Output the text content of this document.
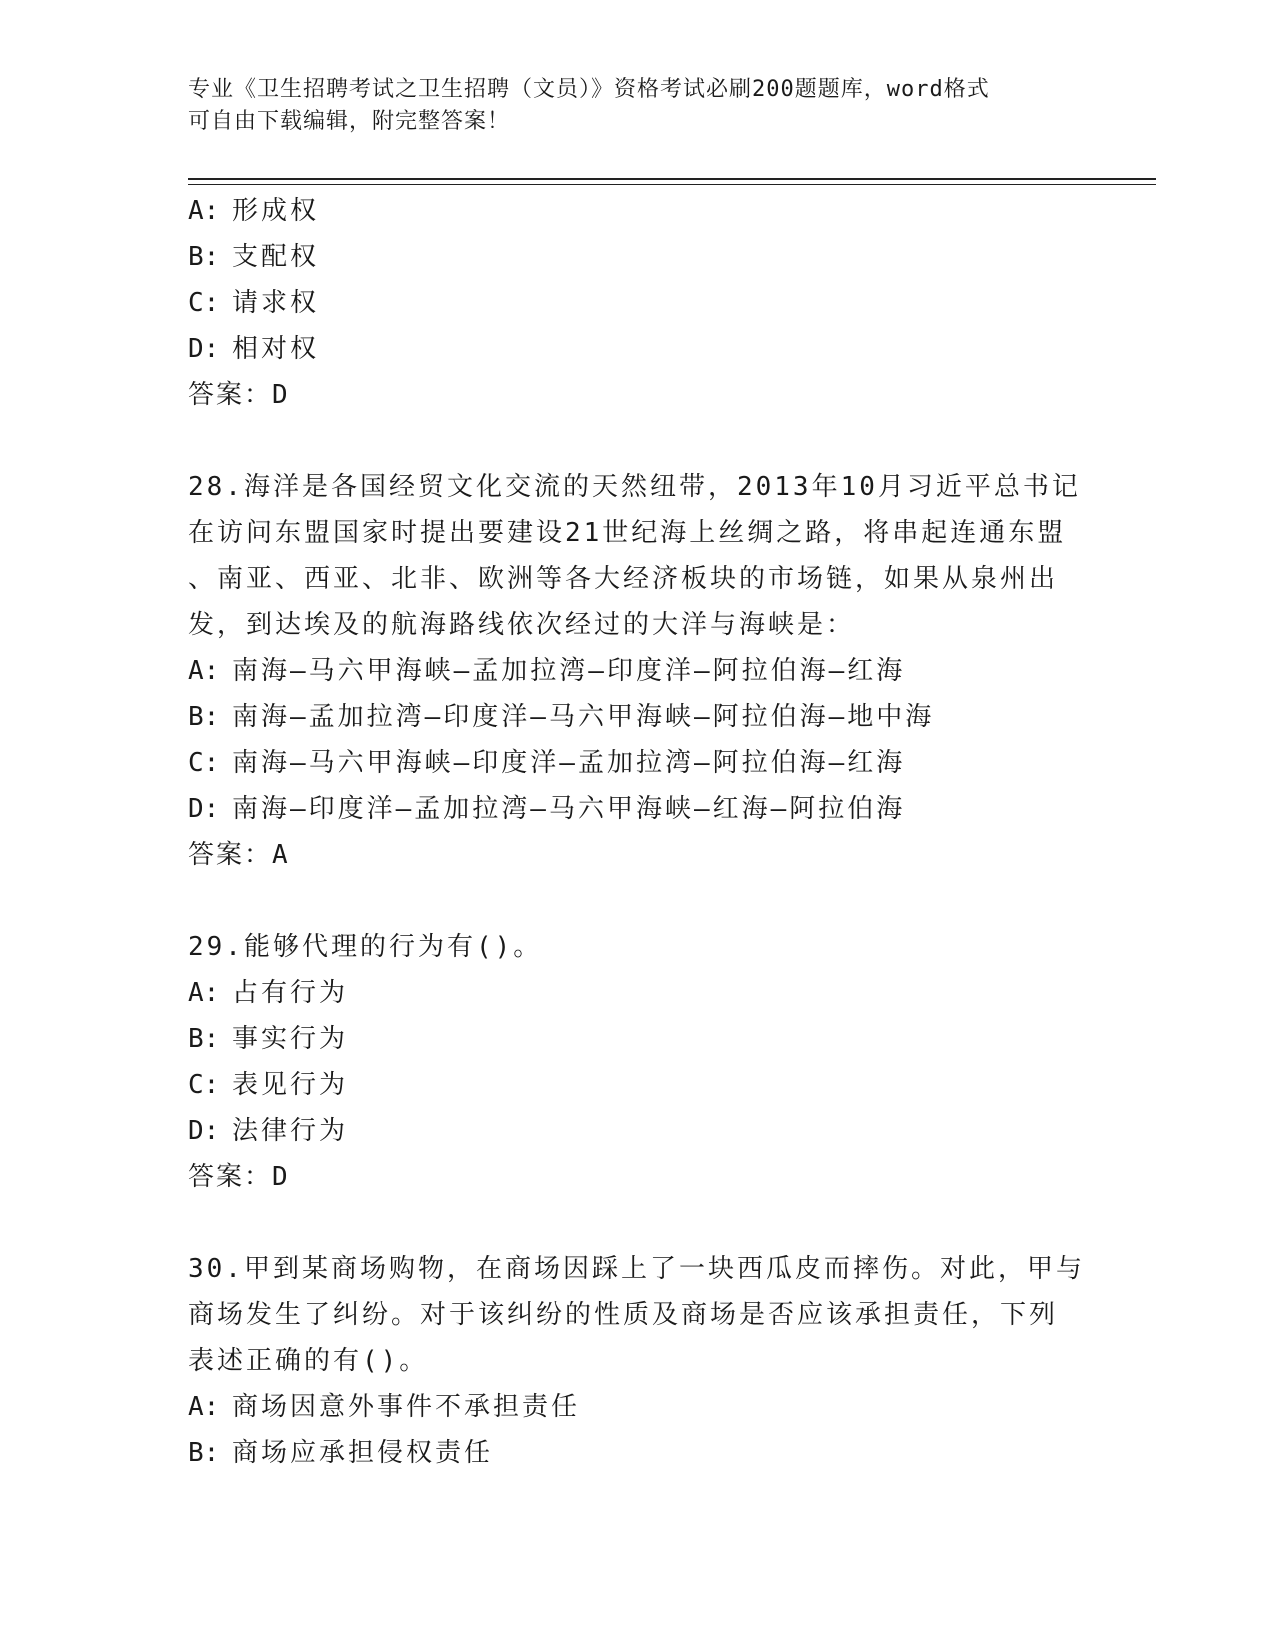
专业《卫生招聘考试之卫生招聘（文员）》资格考试必刷200题题库，word格式
可自由下载编辑，附完整答案！
A: 形成权
B: 支配权
C: 请求权
D: 相对权
答案：D
28.海洋是各国经贸文化交流的天然纽带，2013年10月习近平总书记
在访问东盟国家时提出要建设21世纪海上丝绸之路，将串起连通东盟
、南亚、西亚、北非、欧洲等各大经济板块的市场链，如果从泉州出
发，到达埃及的航海路线依次经过的大洋与海峡是：
A: 南海—马六甲海峡—孟加拉湾—印度洋—阿拉伯海—红海
B: 南海—孟加拉湾—印度洋—马六甲海峡—阿拉伯海—地中海
C: 南海—马六甲海峡—印度洋—孟加拉湾—阿拉伯海—红海
D: 南海—印度洋—孟加拉湾—马六甲海峡—红海—阿拉伯海
答案：A
29.能够代理的行为有()。
A: 占有行为
B: 事实行为
C: 表见行为
D: 法律行为
答案：D
30.甲到某商场购物，在商场因踩上了一块西瓜皮而摔伤。对此，甲与
商场发生了纠纷。对于该纠纷的性质及商场是否应该承担责任，下列
表述正确的有()。
A: 商场因意外事件不承担责任
B: 商场应承担侵权责任
